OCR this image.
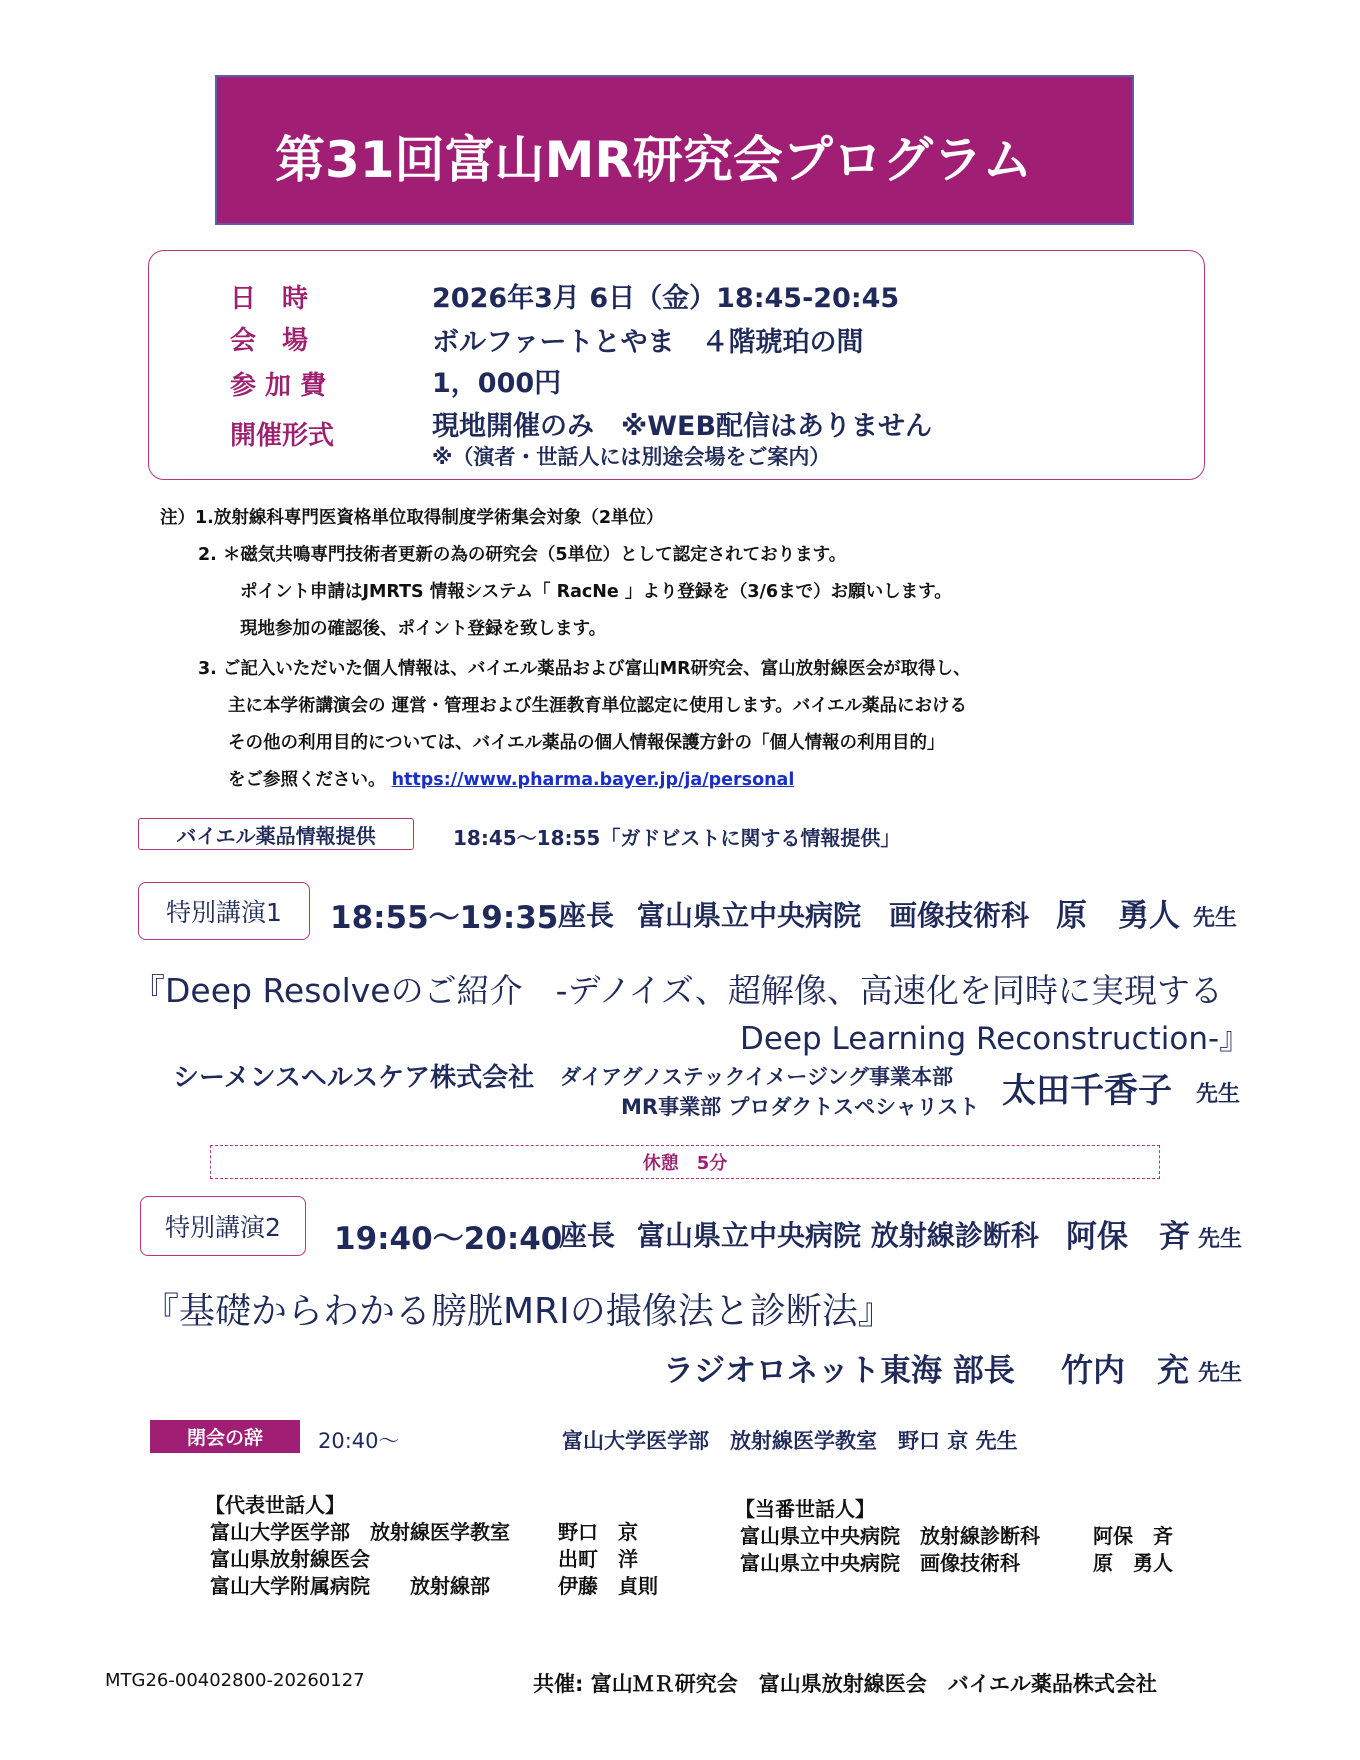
第31回富山MR研究会プログラム
日　時	2026年3月 6日（金）18:45-20:45
会　場	ボルファートとやま　４階琥珀の間
参 加 費	1，000円
開催形式	現地開催のみ　※WEB配信はありません
※（演者・世話人には別途会場をご案内）
注）1.放射線科専門医資格単位取得制度学術集会対象（2単位）
2. ＊磁気共鳴専門技術者更新の為の研究会（5単位）として認定されております。
ポイント申請はJMRTS 情報システム「 RacNe 」より登録を（3/6まで）お願いします。
現地参加の確認後、ポイント登録を致します。
3. ご記入いただいた個人情報は、バイエル薬品および富山MR研究会、富山放射線医会が取得し、
主に本学術講演会の 運営・管理および生涯教育単位認定に使用します。バイエル薬品における
その他の利用目的については、バイエル薬品の個人情報保護方針の「個人情報の利用目的」
をご参照ください。 https://www.pharma.bayer.jp/ja/personal
バイエル薬品情報提供	18:45〜18:55「ガドビストに関する情報提供」
特別講演1 18:55〜19:35 座長 富山県立中央病院　画像技術科 原　勇人 先生
『Deep Resolveのご紹介　-デノイズ、超解像、高速化を同時に実現する
Deep Learning Reconstruction-』
シーメンスヘルスケア株式会社 ダイアグノステックイメージング事業本部
MR事業部 プロダクトスペシャリスト 太田千香子 先生
休憩　5分
特別講演2 19:40〜20:40
座長 富山県立中央病院 放射線診断科 阿保　斉 先生
『基礎からわかる膀胱MRIの撮像法と診断法』
ラジオロネット東海 部長 竹内　充 先生
閉会の辞	20:40〜	富山大学医学部　放射線医学教室　野口 京 先生
【代表世話人】
富山大学医学部　放射線医学教室 野口　京
富山県放射線医会	出町　洋
富山大学附属病院　　放射線部	伊藤　貞則
【当番世話人】
富山県立中央病院　放射線診断科	阿保　斉
富山県立中央病院　画像技術科	原　勇人
MTG26-00402800-20260127	共催: 富山ＭＲ研究会　富山県放射線医会　バイエル薬品株式会社
